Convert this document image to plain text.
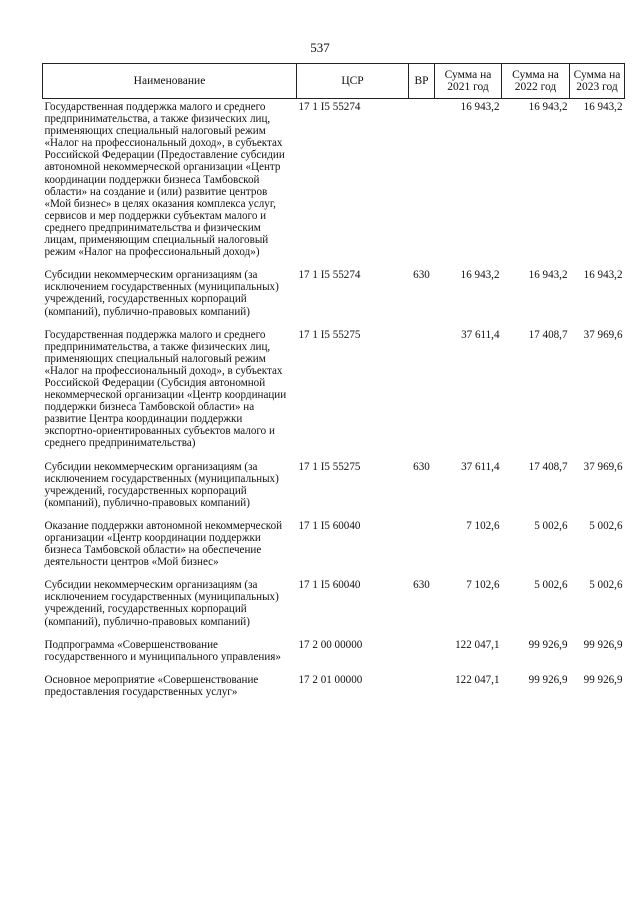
537
Наименование	ЦСР	ВР	Сумма на 2021 год	Сумма на 2022 год	Сумма на 2023 год
Государственная поддержка малого и среднего предпринимательства, а также физических лиц, применяющих специальный налоговый режим «Налог на профессиональный доход», в субъектах Российской Федерации (Предоставление субсидии автономной некоммерческой организации «Центр координации поддержки бизнеса Тамбовской области» на создание и (или) развитие центров «Мой бизнес» в целях оказания комплекса услуг, сервисов и мер поддержки субъектам малого и среднего предпринимательства и физическим лицам, применяющим специальный налоговый режим «Налог на профессиональный доход»)	17 1 I5 55274		16 943,2	16 943,2	16 943,2
Субсидии некоммерческим организациям (за исключением государственных (муниципальных) учреждений, государственных корпораций (компаний), публично-правовых компаний)	17 1 I5 55274	630	16 943,2	16 943,2	16 943,2
Государственная поддержка малого и среднего предпринимательства, а также физических лиц, применяющих специальный налоговый режим «Налог на профессиональный доход», в субъектах Российской Федерации (Субсидия автономной некоммерческой организации «Центр координации поддержки бизнеса Тамбовской области» на развитие Центра координации поддержки экспортно-ориентированных субъектов малого и среднего предпринимательства)	17 1 I5 55275		37 611,4	17 408,7	37 969,6
Субсидии некоммерческим организациям (за исключением государственных (муниципальных) учреждений, государственных корпораций (компаний), публично-правовых компаний)	17 1 I5 55275	630	37 611,4	17 408,7	37 969,6
Оказание поддержки автономной некоммерческой организации «Центр координации поддержки бизнеса Тамбовской области» на обеспечение деятельности центров «Мой бизнес»	17 1 I5 60040		7 102,6	5 002,6	5 002,6
Субсидии некоммерческим организациям (за исключением государственных (муниципальных) учреждений, государственных корпораций (компаний), публично-правовых компаний)	17 1 I5 60040	630	7 102,6	5 002,6	5 002,6
Подпрограмма «Совершенствование государственного и муниципального управления»	17 2 00 00000		122 047,1	99 926,9	99 926,9
Основное мероприятие «Совершенствование предоставления государственных услуг»	17 2 01 00000		122 047,1	99 926,9	99 926,9
